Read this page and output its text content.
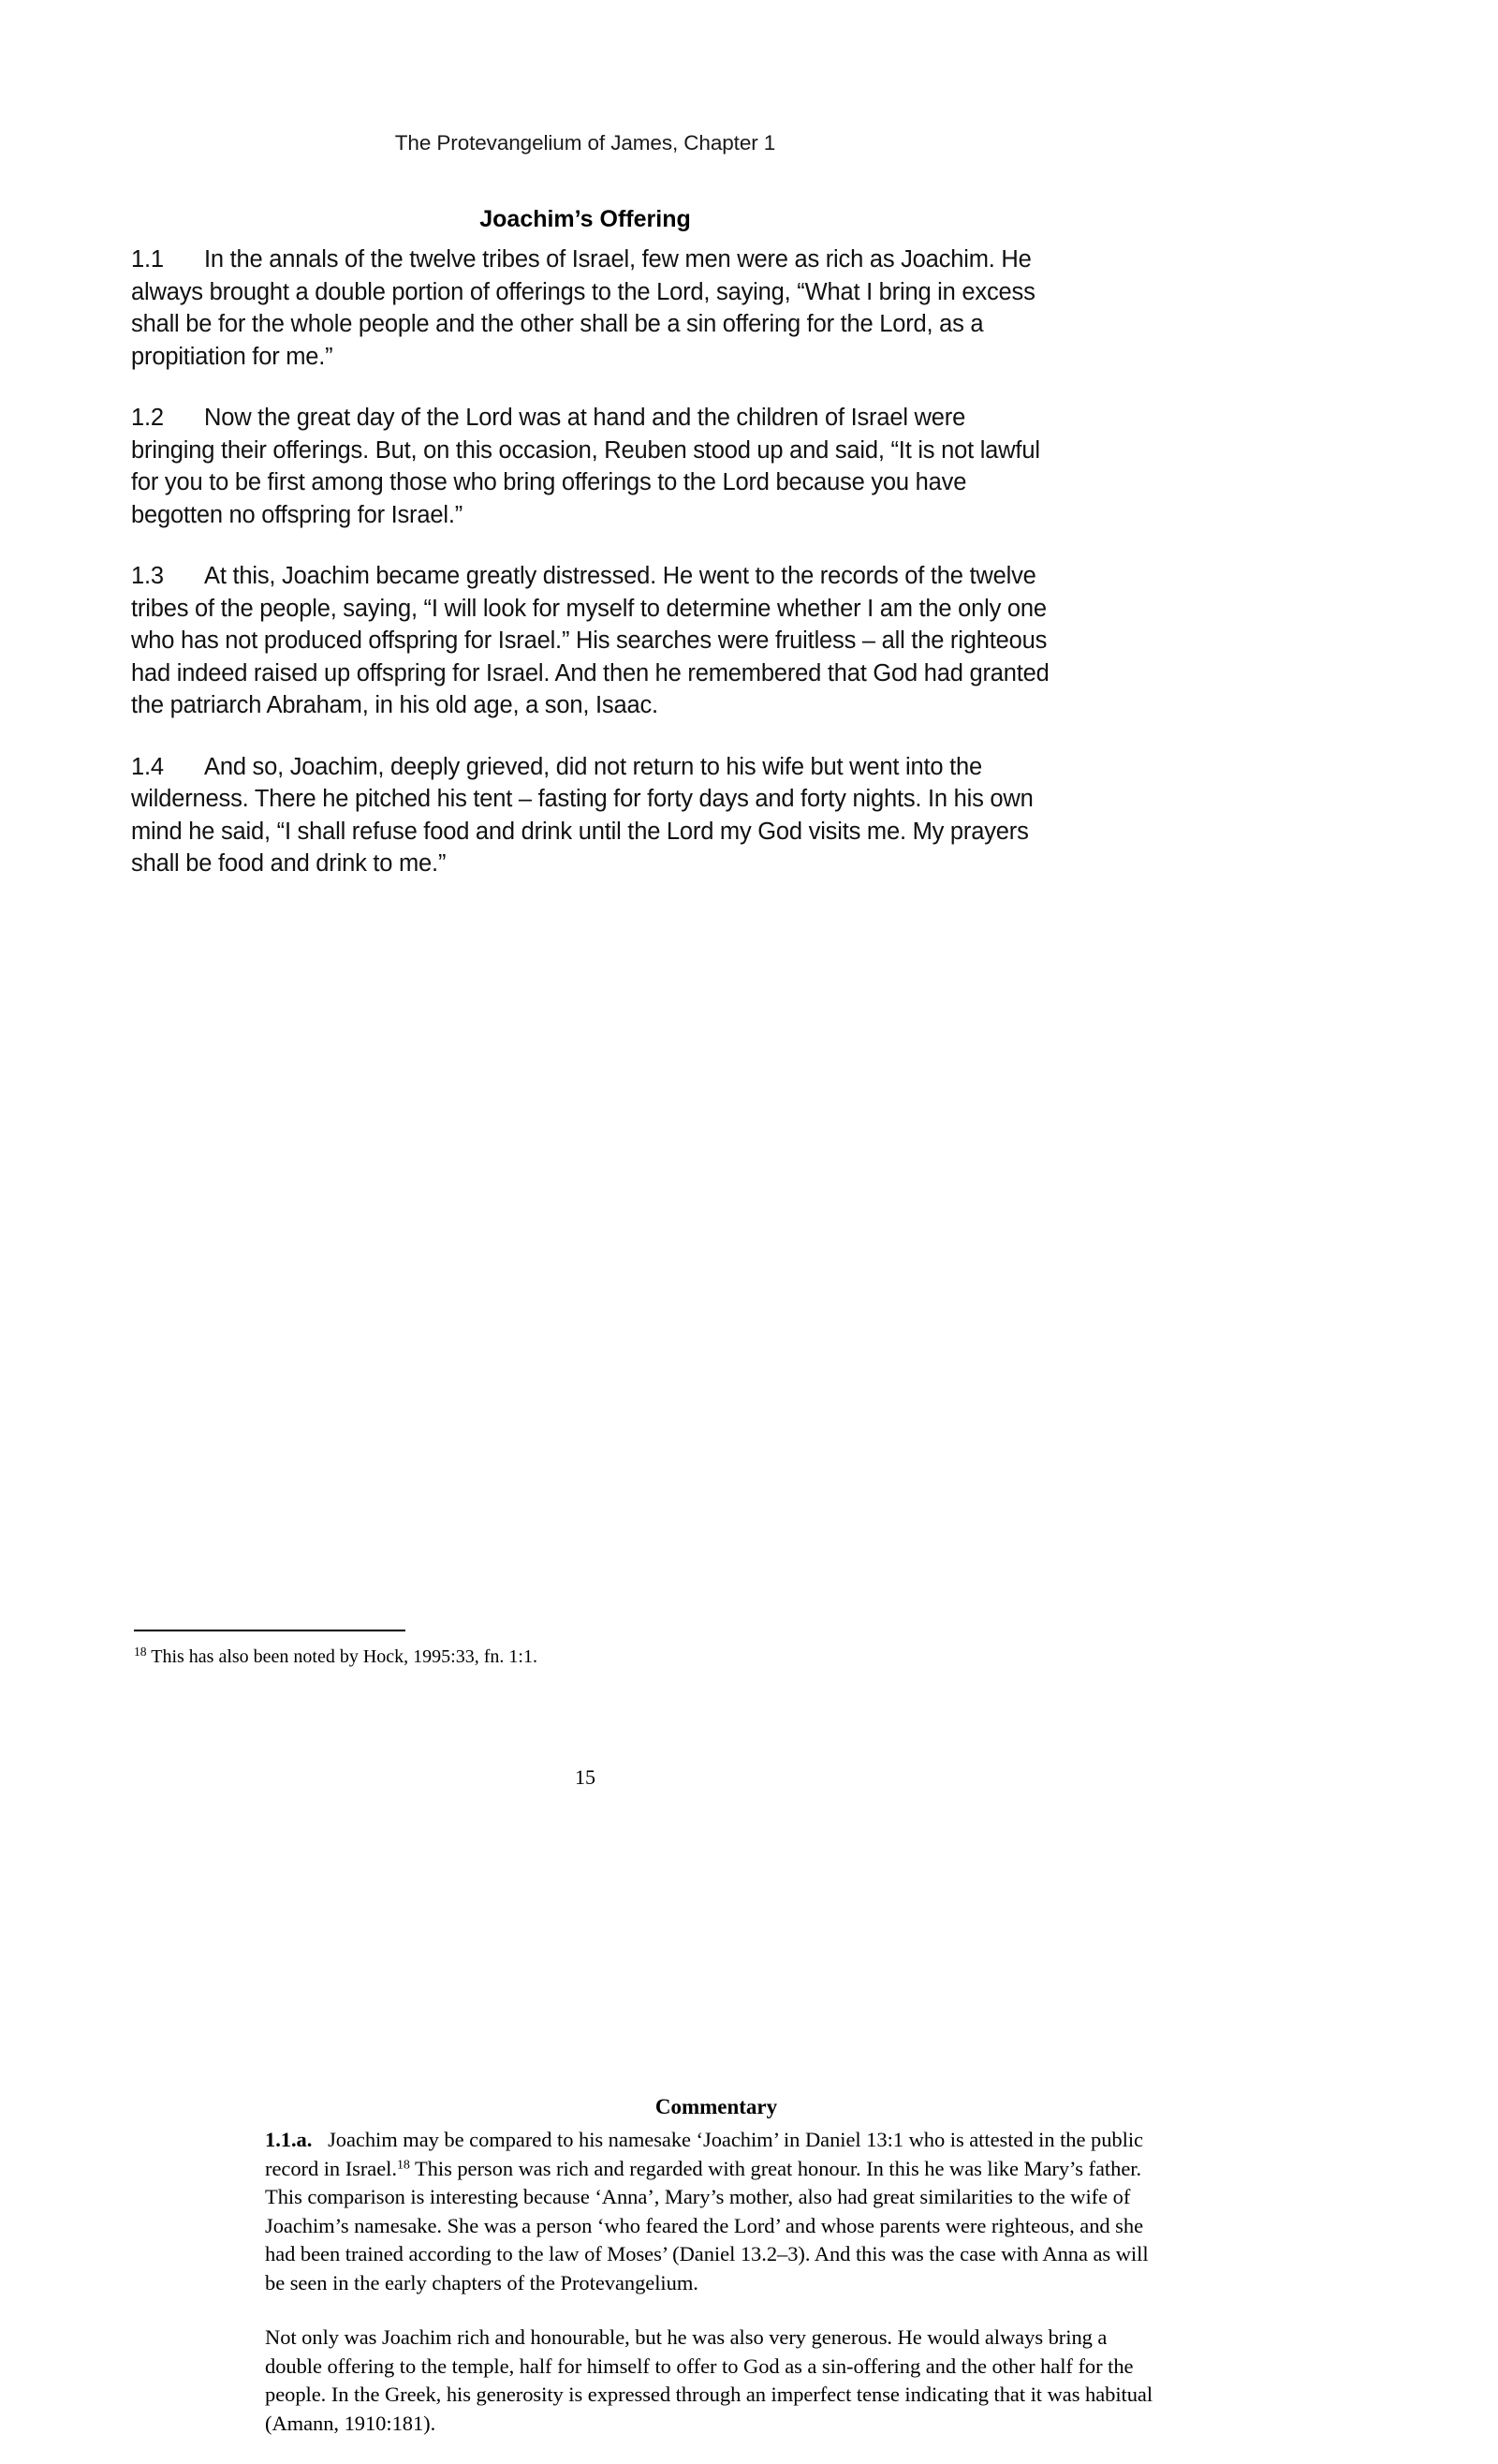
The Protevangelium of James, Chapter 1
Joachim’s Offering

1.1 In the annals of the twelve tribes of Israel, few men were as rich as Joachim. He always brought a double portion of offerings to the Lord, saying, “What I bring in excess shall be for the whole people and the other shall be a sin offering for the Lord, as a propitiation for me.”

1.2 Now the great day of the Lord was at hand and the children of Israel were bringing their offerings. But, on this occasion, Reuben stood up and said, “It is not lawful for you to be first among those who bring offerings to the Lord because you have begotten no offspring for Israel.”

1.3 At this, Joachim became greatly distressed. He went to the records of the twelve tribes of the people, saying, “I will look for myself to determine whether I am the only one who has not produced offspring for Israel.” His searches were fruitless – all the righteous had indeed raised up offspring for Israel. And then he remembered that God had granted the patriarch Abraham, in his old age, a son, Isaac.

1.4 And so, Joachim, deeply grieved, did not return to his wife but went into the wilderness. There he pitched his tent – fasting for forty days and forty nights. In his own mind he said, “I shall refuse food and drink until the Lord my God visits me. My prayers shall be food and drink to me.”

Commentary

1.1.a. Joachim may be compared to his namesake ‘Joachim’ in Daniel 13:1 who is attested in the public record in Israel.$^{18}$ This person was rich and regarded with great honour. In this he was like Mary’s father. This comparison is interesting because ‘Anna’, Mary’s mother, also had great similarities to the wife of Joachim’s namesake. She was a person ‘who feared the Lord’ and whose parents were righteous, and she had been trained according to the law of Moses’ (Daniel 13.2–3). And this was the case with Anna as will be seen in the early chapters of the Protevangelium.

Not only was Joachim rich and honourable, but he was also very generous. He would always bring a double offering to the temple, half for himself to offer to God as a sin-offering and the other half for the people. In the Greek, his generosity is expressed through an imperfect tense indicating that it was habitual (Amann, 1910:181).

$^{18}$ This has also been noted by Hock, 1995:33, fn. 1:1.
15
